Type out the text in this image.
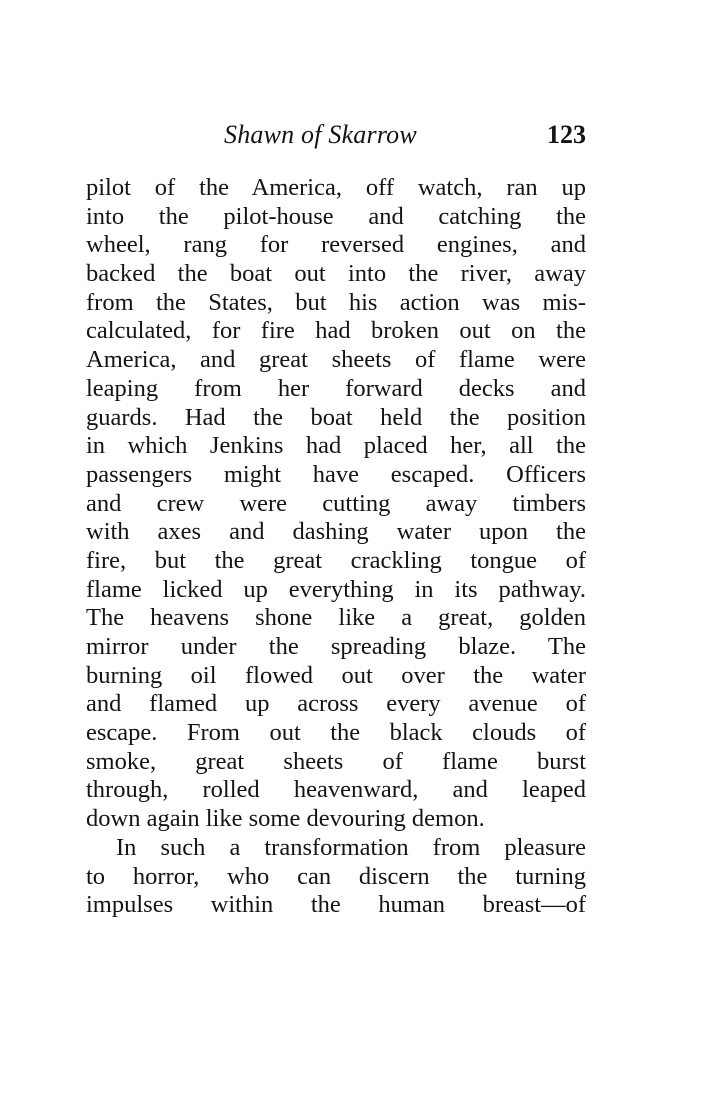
Shawn of Skarrow	123
pilot of the America, off watch, ran up
into the pilot-house and catching the
wheel, rang for reversed engines, and
backed the boat out into the river, away
from the States, but his action was mis-
calculated, for fire had broken out on the
America, and great sheets of flame were
leaping from her forward decks and
guards. Had the boat held the position
in which Jenkins had placed her, all the
passengers might have escaped. Officers
and crew were cutting away timbers
with axes and dashing water upon the
fire, but the great crackling tongue of
flame licked up everything in its pathway.
The heavens shone like a great, golden
mirror under the spreading blaze. The
burning oil flowed out over the water
and flamed up across every avenue of
escape. From out the black clouds of
smoke, great sheets of flame burst
through, rolled heavenward, and leaped
down again like some devouring demon.
In such a transformation from pleasure
to horror, who can discern the turning
impulses within the human breast—of
